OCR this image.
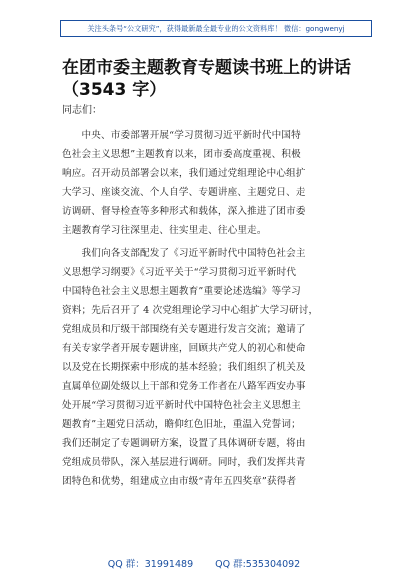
关注头条号“公文研究”，获得最新最全最专业的公文资料库！ 微信：gongwenyj
在团市委主题教育专题读书班上的讲话
（3543 字）
同志们：
　　中央、市委部署开展“学习贯彻习近平新时代中国特
色社会主义思想”主题教育以来，团市委高度重视、积极
响应。召开动员部署会以来，我们通过党组理论中心组扩
大学习、座谈交流、个人自学、专题讲座、主题党日、走
访调研、督导检查等多种形式和载体，深入推进了团市委
主题教育学习往深里走、往实里走、往心里走。
　　我们向各支部配发了《习近平新时代中国特色社会主
义思想学习纲要》《习近平关于“学习贯彻习近平新时代
中国特色社会主义思想主题教育”重要论述选编》等学习
资料；先后召开了 4 次党组理论学习中心组扩大学习研讨，
党组成员和厅级干部围绕有关专题进行发言交流；邀请了
有关专家学者开展专题讲座，回顾共产党人的初心和使命
以及党在长期探索中形成的基本经验；我们组织了机关及
直属单位副处级以上干部和党务工作者在八路军西安办事
处开展“学习贯彻习近平新时代中国特色社会主义思想主
题教育”主题党日活动，瞻仰红色旧址，重温入党誓词；
我们还制定了专题调研方案，设置了具体调研专题，将由
党组成员带队，深入基层进行调研。同时，我们发挥共青
团特色和优势，组建成立由市级“青年五四奖章”获得者
QQ 群：31991489 QQ 群:535304092
